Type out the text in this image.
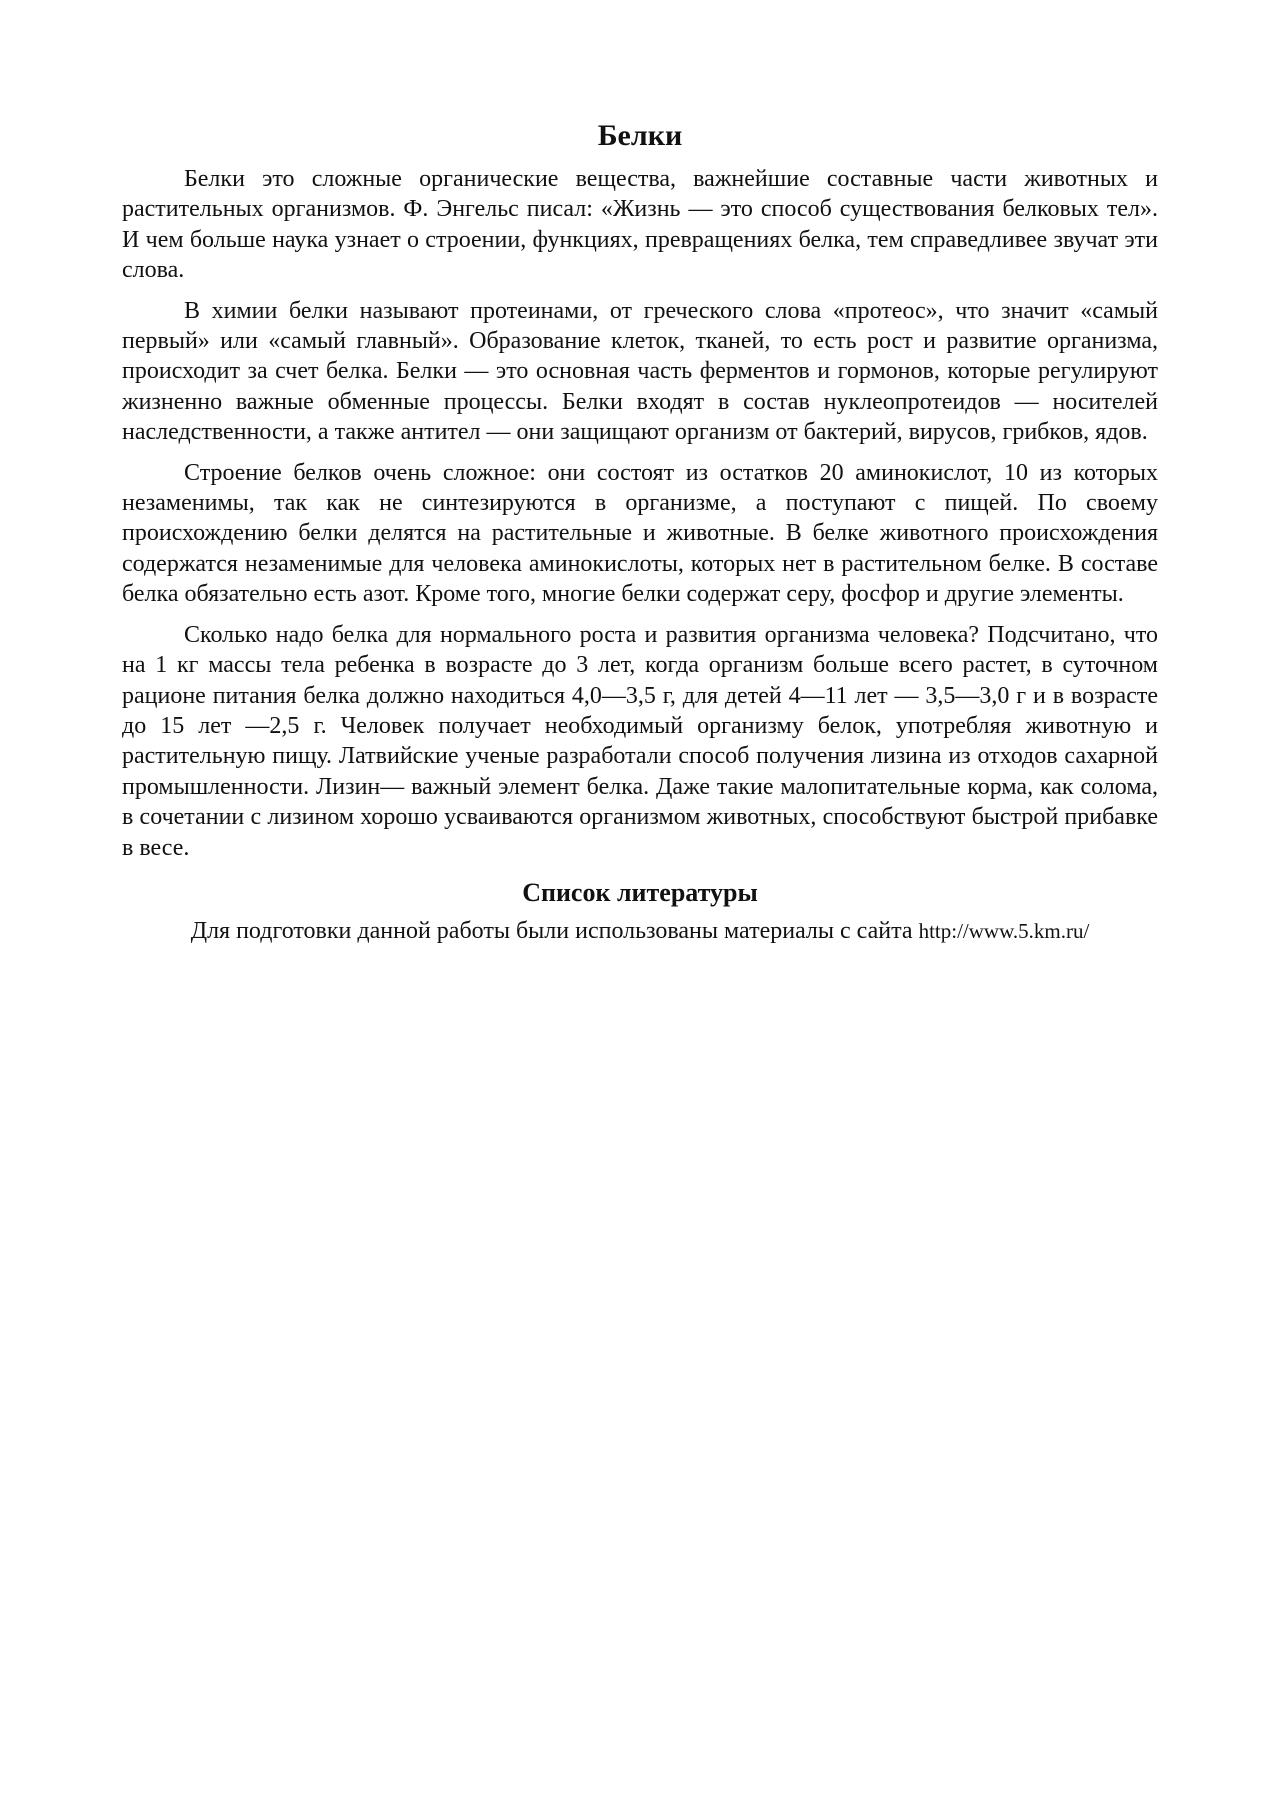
Белки

Белки это сложные органические вещества, важнейшие составные части животных и растительных организмов. Ф. Энгельс писал: «Жизнь — это способ существования белковых тел». И чем больше наука узнает о строении, функциях, превращениях белка, тем справедливее звучат эти слова.

В химии белки называют протеинами, от греческого слова «протеос», что значит «самый первый» или «самый главный». Образование клеток, тканей, то есть рост и развитие организма, происходит за счет белка. Белки — это основная часть ферментов и гормонов, которые регулируют жизненно важные обменные процессы. Белки входят в состав нуклеопротеидов — носителей наследственности, а также антител — они защищают организм от бактерий, вирусов, грибков, ядов.

Строение белков очень сложное: они состоят из остатков 20 аминокислот, 10 из которых незаменимы, так как не синтезируются в организме, а поступают с пищей. По своему происхождению белки делятся на растительные и животные. В белке животного происхождения содержатся незаменимые для человека аминокислоты, которых нет в растительном белке. В составе белка обязательно есть азот. Кроме того, многие белки содержат серу, фосфор и другие элементы.

Сколько надо белка для нормального роста и развития организма человека? Подсчитано, что на 1 кг массы тела ребенка в возрасте до 3 лет, когда организм больше всего растет, в суточном рационе питания белка должно находиться 4,0—3,5 г, для детей 4—11 лет — 3,5—3,0 г и в возрасте до 15 лет —2,5 г. Человек получает необходимый организму белок, употребляя животную и растительную пищу. Латвийские ученые разработали способ получения лизина из отходов сахарной промышленности. Лизин— важный элемент белка. Даже такие малопитательные корма, как солома, в сочетании с лизином хорошо усваиваются организмом животных, способствуют быстрой прибавке в весе.

Список литературы

Для подготовки данной работы были использованы материалы с сайта http://www.5.km.ru/
